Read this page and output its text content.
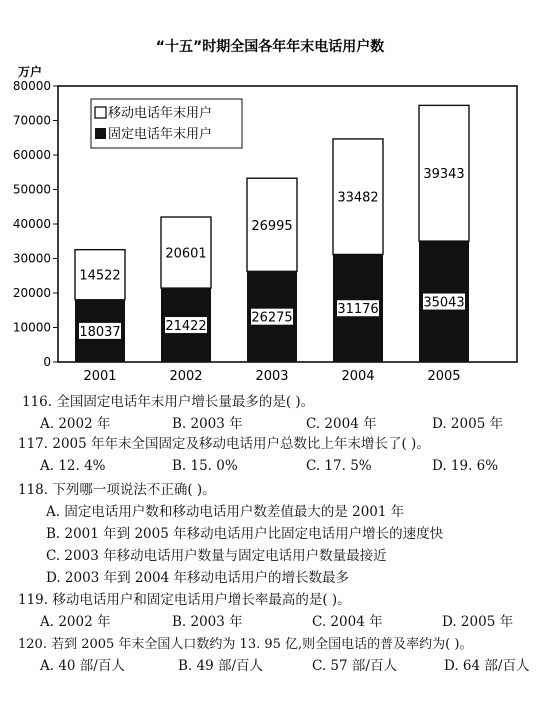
“十五”时期全国各年年末电话用户数
万户
0
10000
20000
30000
40000
50000
60000
70000
80000
18037
14522
21422
20601
26275
26995
31176
33482
35043
39343
2001	2002	2003	2004	2005
移动电话年末用户
固定电话年末用户
116. 全国固定电话年末用户增长量最多的是( )。
A. 2002 年	B. 2003 年	C. 2004 年	D. 2005 年
117. 2005 年年末全国固定及移动电话用户总数比上年末增长了( )。
A. 12. 4%	B. 15. 0%	C. 17. 5%	D. 19. 6%
118. 下列哪一项说法不正确( )。
A. 固定电话用户数和移动电话用户数差值最大的是 2001 年
B. 2001 年到 2005 年移动电话用户比固定电话用户增长的速度快
C. 2003 年移动电话用户数量与固定电话用户数量最接近
D. 2003 年到 2004 年移动电话用户的增长数最多
119. 移动电话用户和固定电话用户增长率最高的是( )。
A. 2002 年	B. 2003 年	C. 2004 年	D. 2005 年
120. 若到 2005 年末全国人口数约为 13. 95 亿,则全国电话的普及率约为( )。
A. 40 部/百人	B. 49 部/百人	C. 57 部/百人	D. 64 部/百人
